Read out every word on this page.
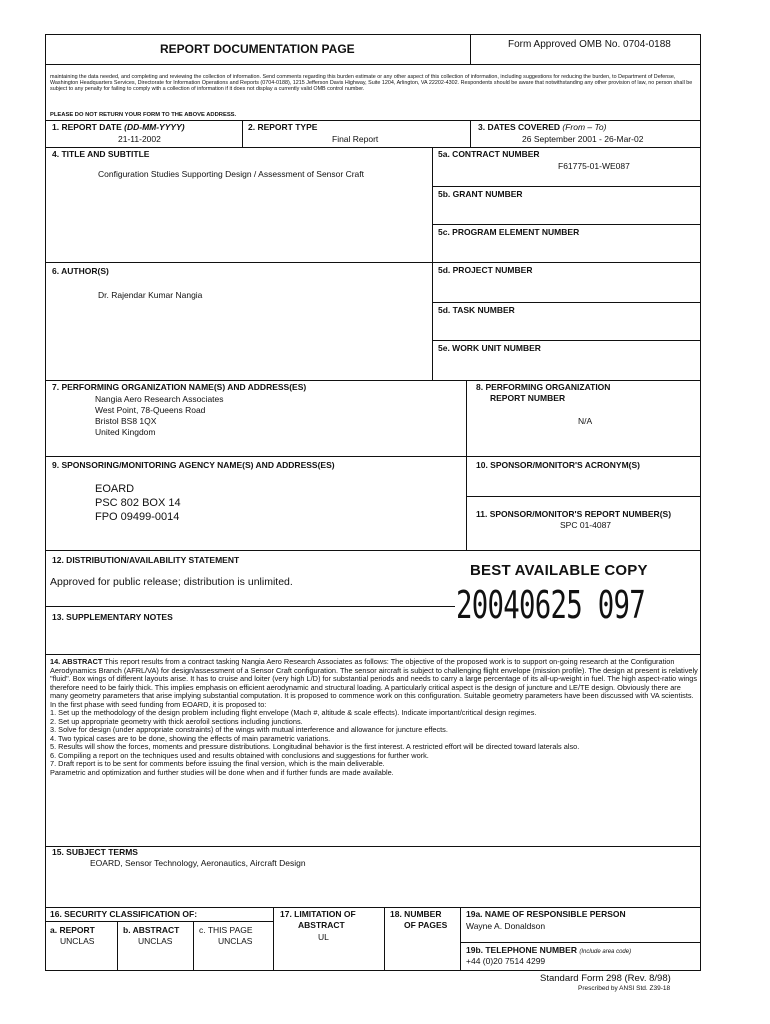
REPORT DOCUMENTATION PAGE	Form Approved OMB No. 0704-0188
maintaining the data needed, and completing and reviewing the collection of information. Send comments regarding this burden estimate or any other aspect of this collection of information, including suggestions for reducing the burden, to Department of Defense, Washington Headquarters Services, Directorate for Information Operations and Reports (0704-0188), 1215 Jefferson Davis Highway, Suite 1204, Arlington, VA 22202-4302. Respondents should be aware that notwithstanding any other provision of law, no person shall be subject to any penalty for failing to comply with a collection of information if it does not display a currently valid OMB control number.
PLEASE DO NOT RETURN YOUR FORM TO THE ABOVE ADDRESS.
1. REPORT DATE (DD-MM-YYYY)
21-11-2002
2. REPORT TYPE
Final Report
3. DATES COVERED (From – To)
26 September 2001 - 26-Mar-02
4. TITLE AND SUBTITLE
Configuration Studies Supporting Design / Assessment of Sensor Craft
5a. CONTRACT NUMBER
F61775-01-WE087
5b. GRANT NUMBER
5c. PROGRAM ELEMENT NUMBER
6. AUTHOR(S)
Dr. Rajendar Kumar Nangia
5d. PROJECT NUMBER
5d. TASK NUMBER
5e. WORK UNIT NUMBER
7. PERFORMING ORGANIZATION NAME(S) AND ADDRESS(ES)
Nangia Aero Research Associates
West Point, 78-Queens Road
Bristol BS8 1QX
United Kingdom
8. PERFORMING ORGANIZATION
REPORT NUMBER
N/A
9. SPONSORING/MONITORING AGENCY NAME(S) AND ADDRESS(ES)
EOARD
PSC 802 BOX 14
FPO 09499-0014
10. SPONSOR/MONITOR'S ACRONYM(S)
11. SPONSOR/MONITOR'S REPORT NUMBER(S)
SPC 01-4087
12. DISTRIBUTION/AVAILABILITY STATEMENT
Approved for public release; distribution is unlimited.
BEST AVAILABLE COPY
20040625 097
13. SUPPLEMENTARY NOTES

14. ABSTRACT This report results from a contract tasking Nangia Aero Research Associates as follows: The objective of the proposed work is to support on-going research at the Configuration Aerodynamics Branch (AFRL/VA) for design/assessment of a Sensor Craft configuration. The sensor aircraft is subject to challenging flight envelope (mission profile). The design at present is relatively "fluid". Box wings of different layouts arise. It has to cruise and loiter (very high L/D) for substantial periods and needs to carry a large percentage of its all-up-weight in fuel. The high aspect-ratio wings therefore need to be fairly thick. This implies emphasis on efficient aerodynamic and structural loading. A particularly critical aspect is the design of juncture and LE/TE design. Obviously there are many geometry parameters that arise implying substantial computation. It is proposed to commence work on this configuration. Suitable geometry parameters have been discussed with VA scientists. In the first phase with seed funding from EOARD, it is proposed to:

1. Set up the methodology of the design problem including flight envelope (Mach #, altitude & scale effects). Indicate important/critical design regimes.

2. Set up appropriate geometry with thick aerofoil sections including junctions.

3. Solve for design (under appropriate constraints) of the wings with mutual interference and allowance for juncture effects.

4. Two typical cases are to be done, showing the effects of main parametric variations.

5. Results will show the forces, moments and pressure distributions. Longitudinal behavior is the first interest. A restricted effort will be directed toward laterals also.

6. Compiling a report on the techniques used and results obtained with conclusions and suggestions for further work.

7. Draft report is to be sent for comments before issuing the final version, which is the main deliverable.

Parametric and optimization and further studies will be done when and if further funds are made available.

15. SUBJECT TERMS
EOARD, Sensor Technology, Aeronautics, Aircraft Design
16. SECURITY CLASSIFICATION OF:
a. REPORT
UNCLAS
b. ABSTRACT
UNCLAS
c. THIS PAGE
UNCLAS
17. LIMITATION OF
ABSTRACT
UL
18. NUMBER
OF PAGES
19a. NAME OF RESPONSIBLE PERSON
Wayne A. Donaldson
19b. TELEPHONE NUMBER (Include area code)
+44 (0)20 7514 4299
Standard Form 298 (Rev. 8/98)
Prescribed by ANSI Std. Z39-18
